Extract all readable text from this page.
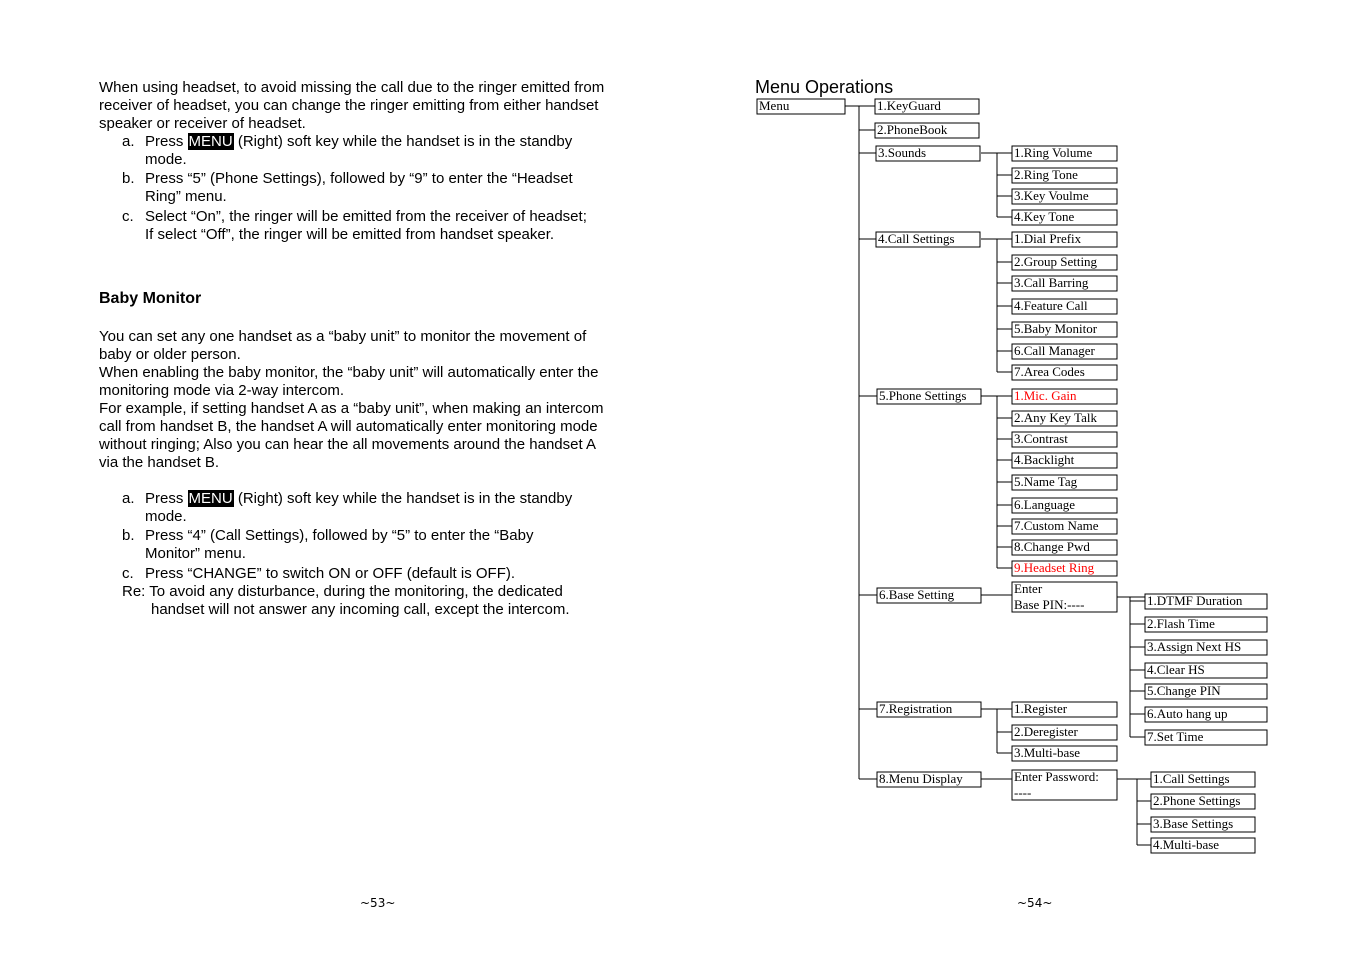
When using headset, to avoid missing the call due to the ringer emitted from

receiver of headset, you can change the ringer emitting from either handset

speaker or receiver of headset.

a. Press MENU (Right) soft key while the handset is in the standby
mode.
b. Press “5” (Phone Settings), followed by “9” to enter the “Headset
Ring” menu.
c. Select “On”, the ringer will be emitted from the receiver of headset;
If select “Off”, the ringer will be emitted from handset speaker.
Baby Monitor

You can set any one handset as a “baby unit” to monitor the movement of

baby or older person.

When enabling the baby monitor, the “baby unit” will automatically enter the

monitoring mode via 2-way intercom.

For example, if setting handset A as a “baby unit”, when making an intercom

call from handset B, the handset A will automatically enter monitoring mode

without ringing; Also you can hear the all movements around the handset A

via the handset B.

a. Press MENU (Right) soft key while the handset is in the standby
mode.
b. Press “4” (Call Settings), followed by “5” to enter the “Baby
Monitor” menu.
c. Press “CHANGE” to switch ON or OFF (default is OFF).
Re: To avoid any disturbance, during the monitoring, the dedicated
handset will not answer any incoming call, except the intercom.
~53~
Menu Operations
Menu	1.KeyGuard
2.PhoneBook
3.Sounds
4.Call Settings
5.Phone Settings
6.Base Setting
7.Registration
8.Menu Display
1.Ring Volume
2.Ring Tone
3.Key Voulme
4.Key Tone
1.Dial Prefix
2.Group Setting
3.Call Barring
4.Feature Call
5.Baby Monitor
6.Call Manager
7.Area Codes
1.Mic. Gain
2.Any Key Talk
3.Contrast
4.Backlight
5.Name Tag
6.Language
7.Custom Name
8.Change Pwd
9.Headset Ring
Enter
Base PIN:----	1.DTMF Duration
2.Flash Time
3.Assign Next HS
4.Clear HS
5.Change PIN
6.Auto hang up
7.Set Time
1.Register
2.Deregister
3.Multi-base
Enter Password:
----
1.Call Settings
2.Phone Settings
3.Base Settings
4.Multi-base
~54~
